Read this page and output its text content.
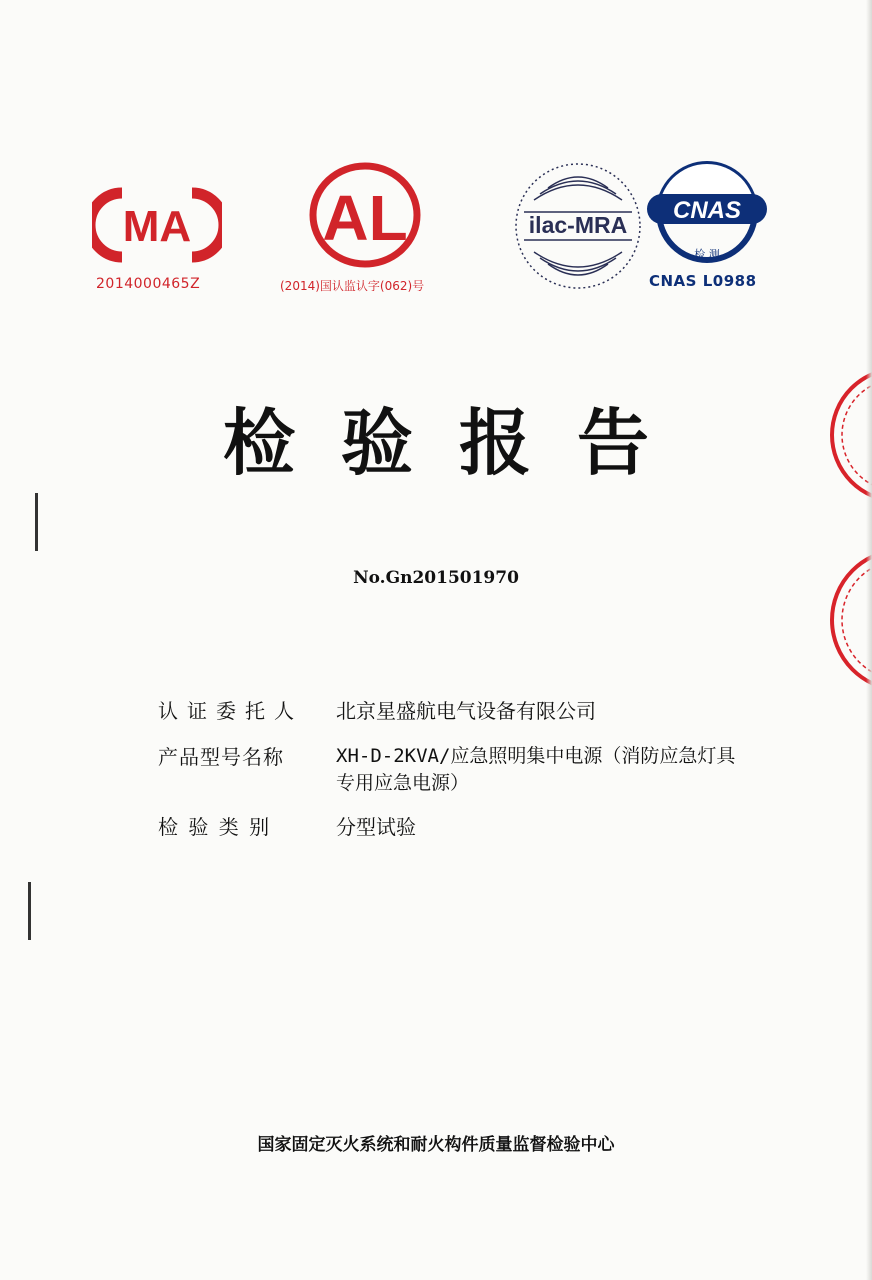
MA
2014000465Z
AL
(2014)国认监认字(062)号
ilac-MRA
CNAS
检 测
CNAS L0988
检验报告
No.Gn201501970
认证委托人 北京星盛航电气设备有限公司
产品型号名称	XH-D-2KVA/应急照明集中电源（消防应急灯具
专用应急电源）
检 验 类 别	分型试验
国家固定灭火系统和耐火构件质量监督检验中心
